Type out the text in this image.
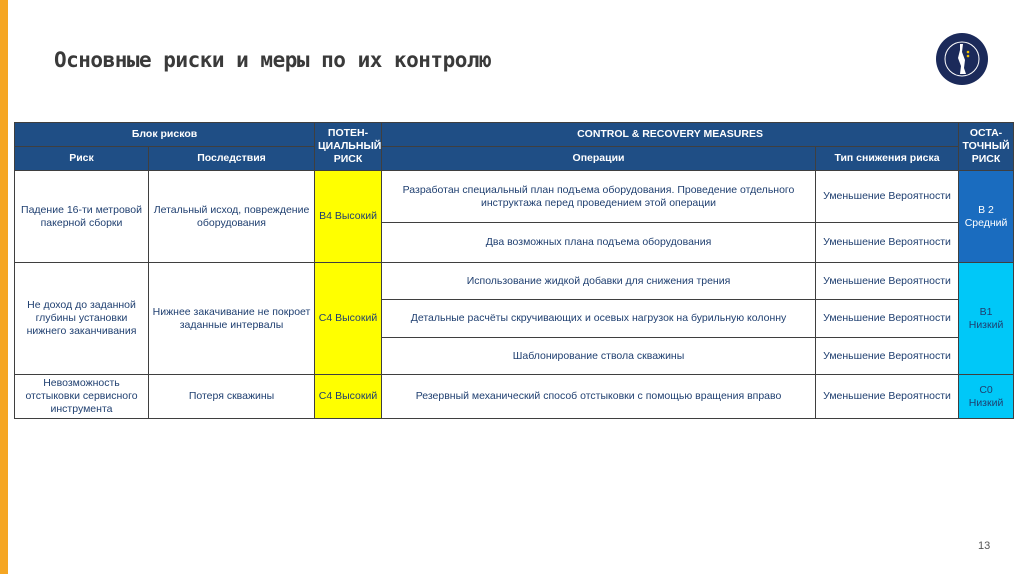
Основные риски и меры по их контролю
Блок рисков		ПОТЕН-ЦИАЛЬНЫЙ РИСК	CONTROL & RECOVERY MEASURES		ОСТА-ТОЧНЫЙ РИСК
Риск	Последствия		Операции	Тип снижения риска	
Падение 16-ти метровой пакерной сборки	Летальный исход, повреждение оборудования	B4 Высокий	Разработан специальный план подъема оборудования. Проведение отдельного инструктажа перед проведением этой операции	Уменьшение Вероятности	B 2 Средний
			Два возможных плана подъема оборудования	Уменьшение Вероятности	
Не доход до заданной глубины установки нижнего заканчивания	Нижнее закачивание не покроет заданные интервалы	C4 Высокий	Использование жидкой добавки для снижения трения	Уменьшение Вероятности	B1 Низкий
			Детальные расчёты скручивающих и осевых нагрузок на бурильную колонну	Уменьшение Вероятности	
			Шаблонирование ствола скважины	Уменьшение Вероятности	
Невозможность отстыковки сервисного инструмента	Потеря скважины	C4 Высокий	Резервный механический способ отстыковки с помощью вращения вправо	Уменьшение Вероятности	C0 Низкий
13
